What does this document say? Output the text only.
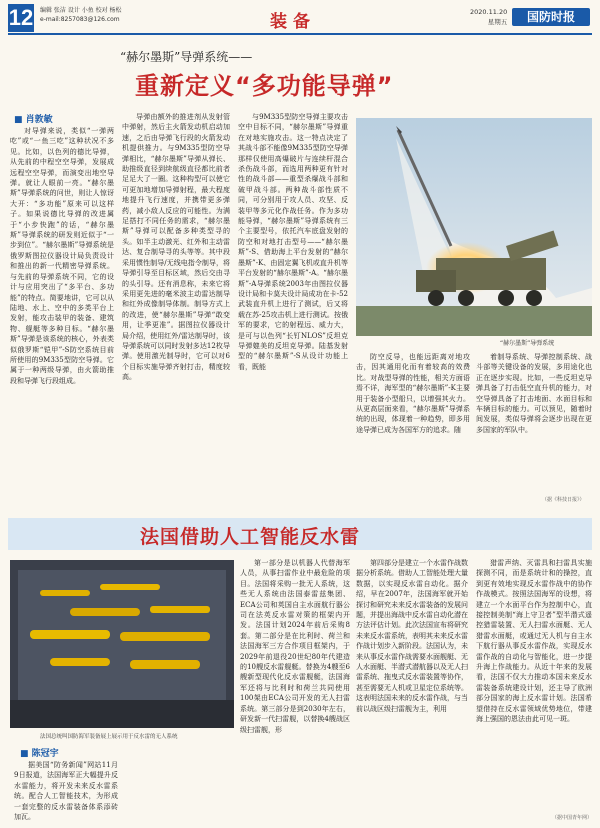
12 编辑 张洁 设计 小鱼 校对 杨松
e-mail:8257083@126.com	装备	2020.11.20
星期五	国防时报
“赫尔墨斯”导弹系统——
重新定义“多功能导弹”
■ 肖敦敏

对导弹来说，类似“一弹两吃”或“一鱼三吃”这种状况不多见。比如，以色列的德比导弹，从先前的中程空空导弹，发展成远程空空导弹，而演变出地空导弹。就让人眼前一亮。“赫尔墨斯”导弹系统的问世，则让人惊讶大开：“多功能”原来可以这样子。如果说德比导弹的改进属于“小步快跑”的话，“赫尔墨斯”导弹系统的研发则近似于“一步到位”。“赫尔墨斯”导弹系统是俄罗斯图拉仪器设计局负责设计和推出的新一代精密导弹系统。与先前的导弹系统不同，它的设计与应用突出了“多平台、多功能”的特点。简要地讲，它可以从陆地、水上、空中的多类平台上发射，能攻击装甲的装备、建筑物、舰艇等多种目标。“赫尔墨斯”导弹是该系统的核心，外表类似俄罗斯“铠甲”-S防空系统目前所使用的9M335型防空导弹。它属于一种两级导弹，由火箭助推段和导弹飞行段组成。

导弹由额外的推进剂从发射管中弹射，然后主火箭发动机启动加速，之后由导弹飞行段的火箭发动机提供推力。与9M335型防空导弹相比，“赫尔墨斯”导弹从弹长、助推级直径到续航级直径都比前者足足大了一圈。这种构型可以使它可更加地增加导弹射程，最大程度地提升飞行速度，并携带更多弹药，减小敌人反应的可能性。为满足搭打不同任务的需求，“赫尔墨斯”导弹可以配备多种类型寻的头。如半主动激光、红外和主动雷达、复合制导寻的头等等。其中段采用惯性制导/无线电指令制导，将导弹引导至目标区域，然后交由寻的头引导。还有消息称，未来它将采用更先进的毫米波主动雷达制导和红外成像制导体制。制导方式上的改进，使“赫尔墨斯”导弹“敢变用，让季更准”。据图拉仪器设计局介绍，使用红外/雷达制导时，该导弹系统可以同时发射多达12枚导弹。使用激光制导时，它可以对6个目标实施导弹齐射打击，精度较高。

与9M335型防空导弹主要攻击空中目标不同，“赫尔墨斯”导弹重在对地实施攻击。这一特点决定了其战斗部不能像9M335型防空导弹那样仅使用高爆破片与连续杆混合杀伤战斗部，而选用两种更有针对性的战斗部——重型杀爆战斗部和破甲战斗部。两种战斗部性质不同，可分别用于攻人员、攻坚、反装甲等多元化作战任务。作为多功能导弹，“赫尔墨斯”导弹系统有三个主要型号，依托汽车底盘发射的防空和对地打击型号——“赫尔墨斯”-S、借助海上平台发射的“赫尔墨斯”-K、由固定翼飞机或直升机等平台发射的“赫尔墨斯”-A。“赫尔墨斯”-A导弹系统2003年由图拉仪器设计局和卡莫夫设计局成功在卡-52武装直升机上进行了测试，后又将载在苏-25攻击机上进行测试。按俄军的要求，它的射程远、威力大，是可与以色列“长钉NLOS”反坦克导弹媲美的反坦克导弹。陆基发射型的“赫尔墨斯”-S从设计功能上看，既能

“赫尔墨斯”导弹系统

防空反导，也能远距离对地攻击，因其通用化而有着较高的效费比。对战型导弹的性能，相关方面语焉不详，海军型的“赫尔墨斯”-K主要用于装备小型船只，以增强其火力。从更高层面来看，“赫尔墨斯”导弹系统的出现，体现着一种趋势，即多用途导弹已成为各国军方的追求。随

着制导系统、导弹控制系统、战斗部等关键设备的发展，多用途化也正在逐步实现。比如，一些反坦克导弹具备了打击低空直升机的能力，对空导弹具备了打击地面、水面目标和车辆目标的能力。可以预见，随着时间发展，类似导弹将会逐步出现在更多国家的军队中。

（据《科技日报》）
法国借助人工智能反水雷
法国总统叫国防海军装备展上展示用于反水雷的无人系统
■ 陈冠宇

据美国“防务新闻”网站11月9日报道，法国海军正大幅提升反水雷能力，将开发未来反水雷系统。配合人工智能技术，为形成一套完整的反水雷装备体系添砖加瓦。

第一部分是以机器人代替海军人员，从事扫雷作业中最危险的项目。法国将采购一批无人系统，这些无人系统由法国泰雷兹集团、ECA公司和英国自主水面航行器公司在法英反水雷对策的框架内开发。法国计划2024年前后采购8套。第二部分是在比利时、荷兰和法国海军三方合作项目框架内，于2029年前退役20世纪80年代建造的10艘反水雷舰艇。替换为4艘至6艘新型现代化反水雷舰艇，法国海军还将与比利时和荷兰共同使用100架由ECA公司开发的无人扫雷系统。第三部分是到2030年左右，研发新一代扫雷舰，以替换4艘战区级扫雷舰，形

第四部分是建立一个水雷作战数据分析系统。借助人工智能处理大量数据，以实现反水雷自动化。据介绍，早在2007年，法国海军就开始探讨和研究未来反水雷装备的发展问题，并提出海战中反水雷自动化潜在方法评估计划。此次法国宣布将研究未来反水雷系统，表明其未来反水雷作战计划步入新阶段。法国认为，未来从事反水雷作战需要水面舰艇、无人水面艇、半潜式潜航器以及无人扫雷系统、拖曳式反水雷装置等协作，甚至需要无人机或卫星定位系统等。这表明法国未来的反水雷作战，与当前以战区级扫雷舰为主，利用

猎雷声纳、灭雷具和扫雷具实施探测不同，而是系统计和的操控，直到更有效地实现反水雷作战中的协作作战模式。按照法国海军的设想，将建立一个水面平台作为控制中心，直接控制美制“海上守卫者”型半潜式遥控猎雷装置、无人扫雷水面艇、无人猎雷水面艇，或通过无人机与自主水下航行器从事反水雷作战，实现反水雷作战的自动化与智能化，进一步提升海上作战能力。从近十年来的发展看，法国不仅大力推动本国未来反水雷装备系统建设计划，还主导了欧洲部分国家的海上反水雷计划。法国希望借持在反水雷领域优势地位，带建海上强国的恩法由此可见一斑。

（据中国青年网）
